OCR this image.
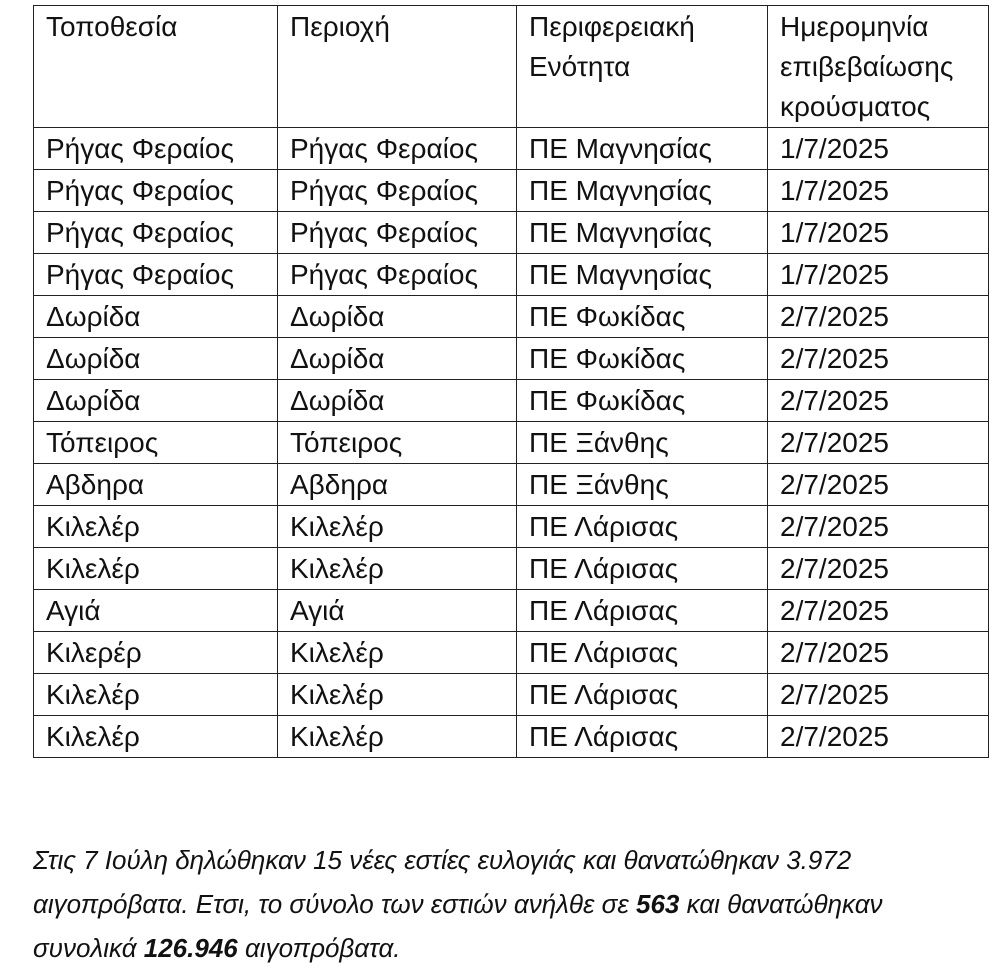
Τοποθεσία	Περιοχή	Περιφερειακή Ενότητα	Ημερομηνία επιβεβαίωσης κρούσματος
Ρήγας Φεραίος	Ρήγας Φεραίος	ΠΕ Μαγνησίας	1/7/2025
Ρήγας Φεραίος	Ρήγας Φεραίος	ΠΕ Μαγνησίας	1/7/2025
Ρήγας Φεραίος	Ρήγας Φεραίος	ΠΕ Μαγνησίας	1/7/2025
Ρήγας Φεραίος	Ρήγας Φεραίος	ΠΕ Μαγνησίας	1/7/2025
Δωρίδα	Δωρίδα	ΠΕ Φωκίδας	2/7/2025
Δωρίδα	Δωρίδα	ΠΕ Φωκίδας	2/7/2025
Δωρίδα	Δωρίδα	ΠΕ Φωκίδας	2/7/2025
Τόπειρος	Τόπειρος	ΠΕ Ξάνθης	2/7/2025
Αβδηρα	Αβδηρα	ΠΕ Ξάνθης	2/7/2025
Κιλελέρ	Κιλελέρ	ΠΕ Λάρισας	2/7/2025
Κιλελέρ	Κιλελέρ	ΠΕ Λάρισας	2/7/2025
Αγιά	Αγιά	ΠΕ Λάρισας	2/7/2025
Κιλερέρ	Κιλελέρ	ΠΕ Λάρισας	2/7/2025
Κιλελέρ	Κιλελέρ	ΠΕ Λάρισας	2/7/2025
Κιλελέρ	Κιλελέρ	ΠΕ Λάρισας	2/7/2025

Στις 7 Ιούλη δηλώθηκαν 15 νέες εστίες ευλογιάς και θανατώθηκαν 3.972 αιγοπρόβατα. Ετσι, το σύνολο των εστιών ανήλθε σε 563 και θανατώθηκαν συνολικά 126.946 αιγοπρόβατα.
